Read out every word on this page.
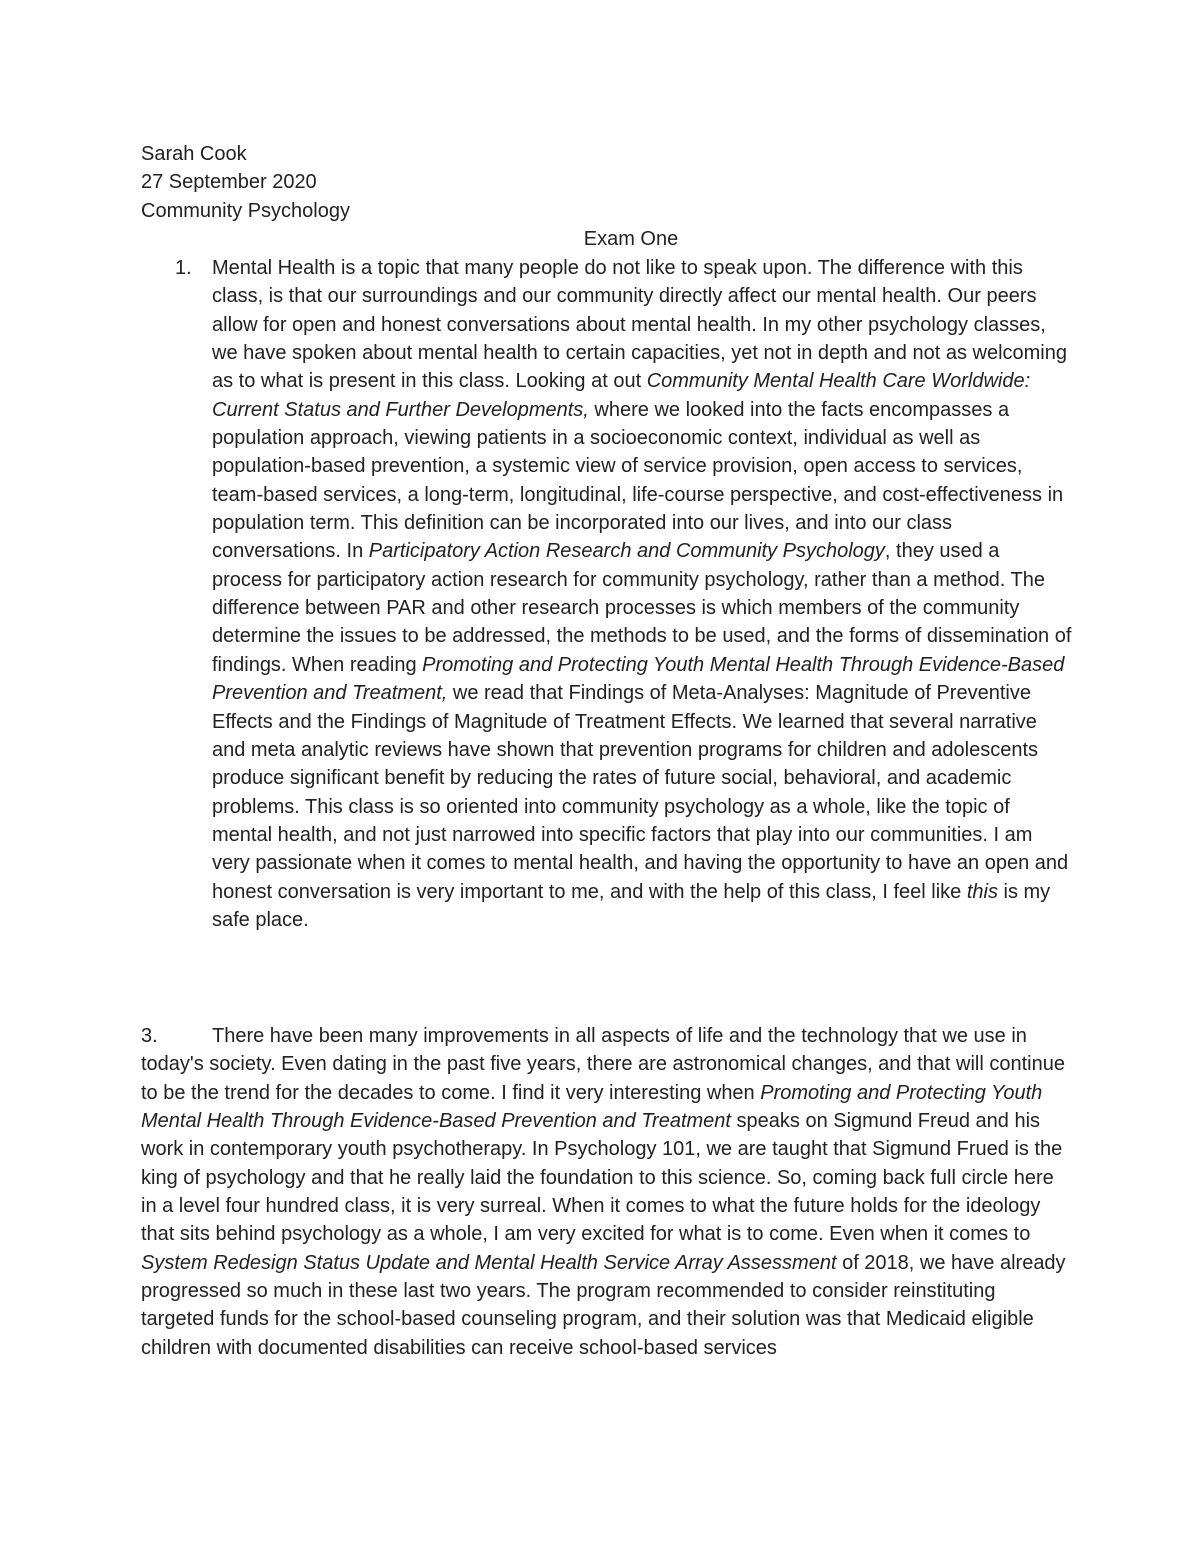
Sarah Cook
27 September 2020
Community Psychology
Exam One
1. Mental Health is a topic that many people do not like to speak upon. The difference with this class, is that our surroundings and our community directly affect our mental health. Our peers allow for open and honest conversations about mental health. In my other psychology classes, we have spoken about mental health to certain capacities, yet not in depth and not as welcoming as to what is present in this class. Looking at out Community Mental Health Care Worldwide: Current Status and Further Developments, where we looked into the facts encompasses a population approach, viewing patients in a socioeconomic context, individual as well as population-based prevention, a systemic view of service provision, open access to services, team-based services, a long-term, longitudinal, life-course perspective, and cost-effectiveness in population term. This definition can be incorporated into our lives, and into our class conversations. In Participatory Action Research and Community Psychology, they used a process for participatory action research for community psychology, rather than a method. The difference between PAR and other research processes is which members of the community determine the issues to be addressed, the methods to be used, and the forms of dissemination of findings. When reading Promoting and Protecting Youth Mental Health Through Evidence-Based Prevention and Treatment, we read that Findings of Meta-Analyses: Magnitude of Preventive Effects and the Findings of Magnitude of Treatment Effects. We learned that several narrative and meta analytic reviews have shown that prevention programs for children and adolescents produce significant benefit by reducing the rates of future social, behavioral, and academic problems. This class is so oriented into community psychology as a whole, like the topic of mental health, and not just narrowed into specific factors that play into our communities. I am very passionate when it comes to mental health, and having the opportunity to have an open and honest conversation is very important to me, and with the help of this class, I feel like this is my safe place.
3.	There have been many improvements in all aspects of life and the technology that we use in today's society. Even dating in the past five years, there are astronomical changes, and that will continue to be the trend for the decades to come. I find it very interesting when Promoting and Protecting Youth Mental Health Through Evidence-Based Prevention and Treatment speaks on Sigmund Freud and his work in contemporary youth psychotherapy. In Psychology 101, we are taught that Sigmund Frued is the king of psychology and that he really laid the foundation to this science. So, coming back full circle here in a level four hundred class, it is very surreal. When it comes to what the future holds for the ideology that sits behind psychology as a whole, I am very excited for what is to come. Even when it comes to System Redesign Status Update and Mental Health Service Array Assessment of 2018, we have already progressed so much in these last two years. The program recommended to consider reinstituting targeted funds for the school-based counseling program, and their solution was that Medicaid eligible children with documented disabilities can receive school-based services
